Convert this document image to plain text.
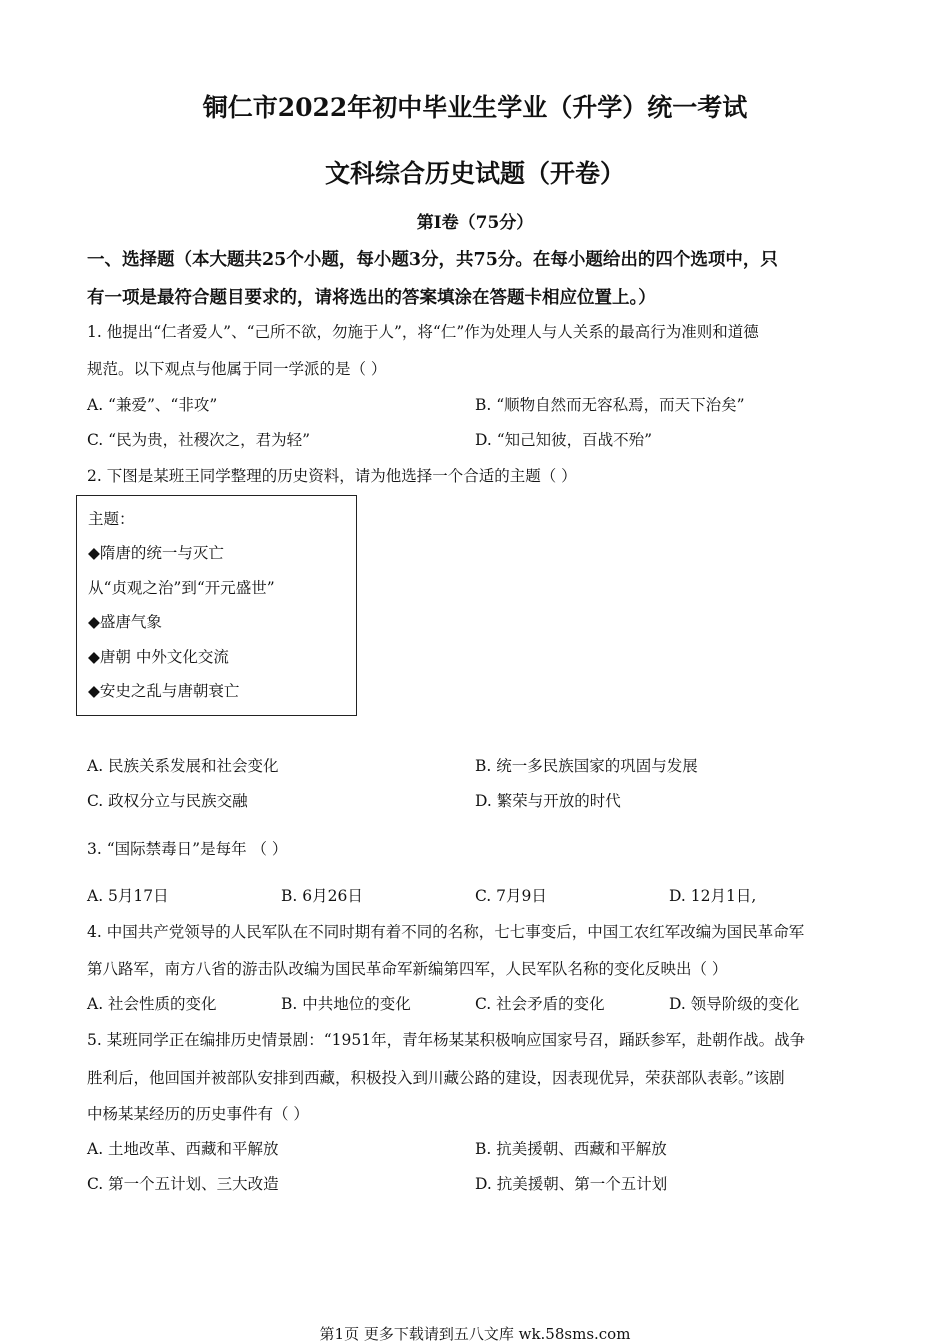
铜仁市2022年初中毕业生学业（升学）统一考试
文科综合历史试题（开卷）
第I卷（75分）
一、选择题（本大题共25个小题，每小题3分，共75分。在每小题给出的四个选项中，只
有一项是最符合题目要求的，请将选出的答案填涂在答题卡相应位置上。）
1. 他提出“仁者爱人”、“己所不欲，勿施于人”，将“仁”作为处理人与人关系的最高行为准则和道德
规范。以下观点与他属于同一学派的是（ ）
A. “兼爱”、“非攻”	B. “顺物自然而无容私焉，而天下治矣”
C. “民为贵，社稷次之，君为轻”	D. “知己知彼，百战不殆”
2. 下图是某班王同学整理的历史资料，请为他选择一个合适的主题（ ）
主题：
◆隋唐的统一与灭亡
从“贞观之治”到“开元盛世”
◆盛唐气象
◆唐朝 中外文化交流
◆安史之乱与唐朝衰亡
A. 民族关系发展和社会变化	B. 统一多民族国家的巩固与发展
C. 政权分立与民族交融	D. 繁荣与开放的时代
3. “国际禁毒日”是每年 （ ）
A. 5月17日	B. 6月26日	C. 7月9日	D. 12月1日,
4. 中国共产党领导的人民军队在不同时期有着不同的名称，七七事变后，中国工农红军改编为国民革命军
第八路军，南方八省的游击队改编为国民革命军新编第四军，人民军队名称的变化反映出（ ）
A. 社会性质的变化	B. 中共地位的变化	C. 社会矛盾的变化	D. 领导阶级的变化
5. 某班同学正在编排历史情景剧：“1951年，青年杨某某积极响应国家号召，踊跃参军，赴朝作战。战争
胜利后，他回国并被部队安排到西藏，积极投入到川藏公路的建设，因表现优异，荣获部队表彰。”该剧
中杨某某经历的历史事件有（ ）
A. 土地改革、西藏和平解放	B. 抗美援朝、西藏和平解放
C. 第一个五计划、三大改造	D. 抗美援朝、第一个五计划
第1页 更多下载请到五八文库 wk.58sms.com
